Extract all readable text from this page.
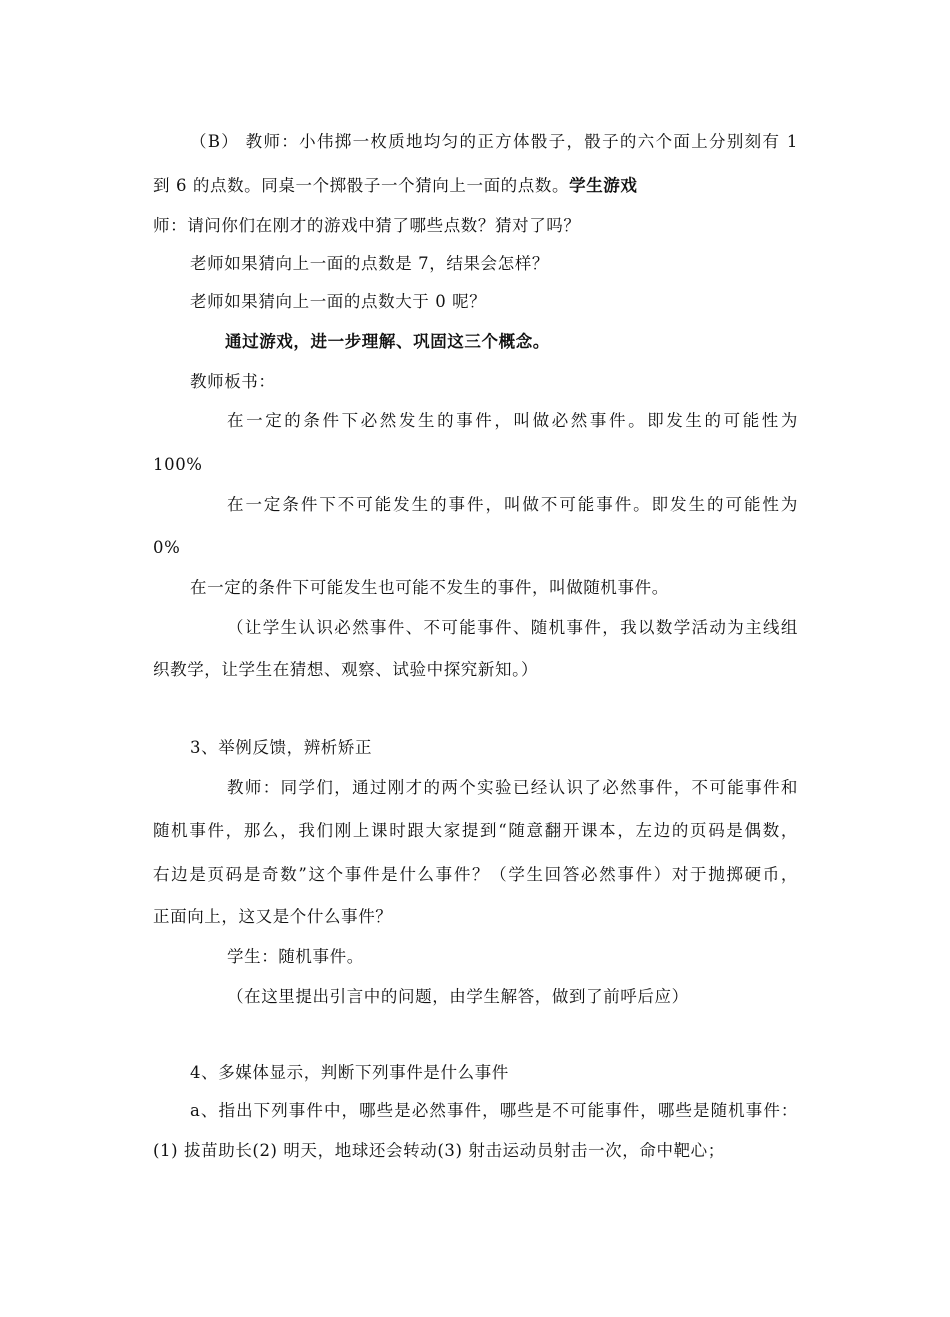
（B） 教师：小伟掷一枚质地均匀的正方体骰子，骰子的六个面上分别刻有 1
到 6 的点数。同桌一个掷骰子一个猜向上一面的点数。学生游戏
师：请问你们在刚才的游戏中猜了哪些点数？猜对了吗？
老师如果猜向上一面的点数是 7，结果会怎样？
老师如果猜向上一面的点数大于 0 呢？
通过游戏，进一步理解、巩固这三个概念。
教师板书：
在一定的条件下必然发生的事件，叫做必然事件。即发生的可能性为
100%
在一定条件下不可能发生的事件，叫做不可能事件。即发生的可能性为
0%
在一定的条件下可能发生也可能不发生的事件，叫做随机事件。
（让学生认识必然事件、不可能事件、随机事件，我以数学活动为主线组
织教学，让学生在猜想、观察、试验中探究新知。）
3、举例反馈，辨析矫正
教师：同学们，通过刚才的两个实验已经认识了必然事件，不可能事件和
随机事件，那么，我们刚上课时跟大家提到“随意翻开课本，左边的页码是偶数，
右边是页码是奇数”这个事件是什么事件？（学生回答必然事件）对于抛掷硬币，
正面向上，这又是个什么事件？
学生：随机事件。
（在这里提出引言中的问题，由学生解答，做到了前呼后应）
4、多媒体显示，判断下列事件是什么事件
a、指出下列事件中，哪些是必然事件，哪些是不可能事件，哪些是随机事件：
(1) 拔苗助长(2) 明天，地球还会转动(3) 射击运动员射击一次，命中靶心；
